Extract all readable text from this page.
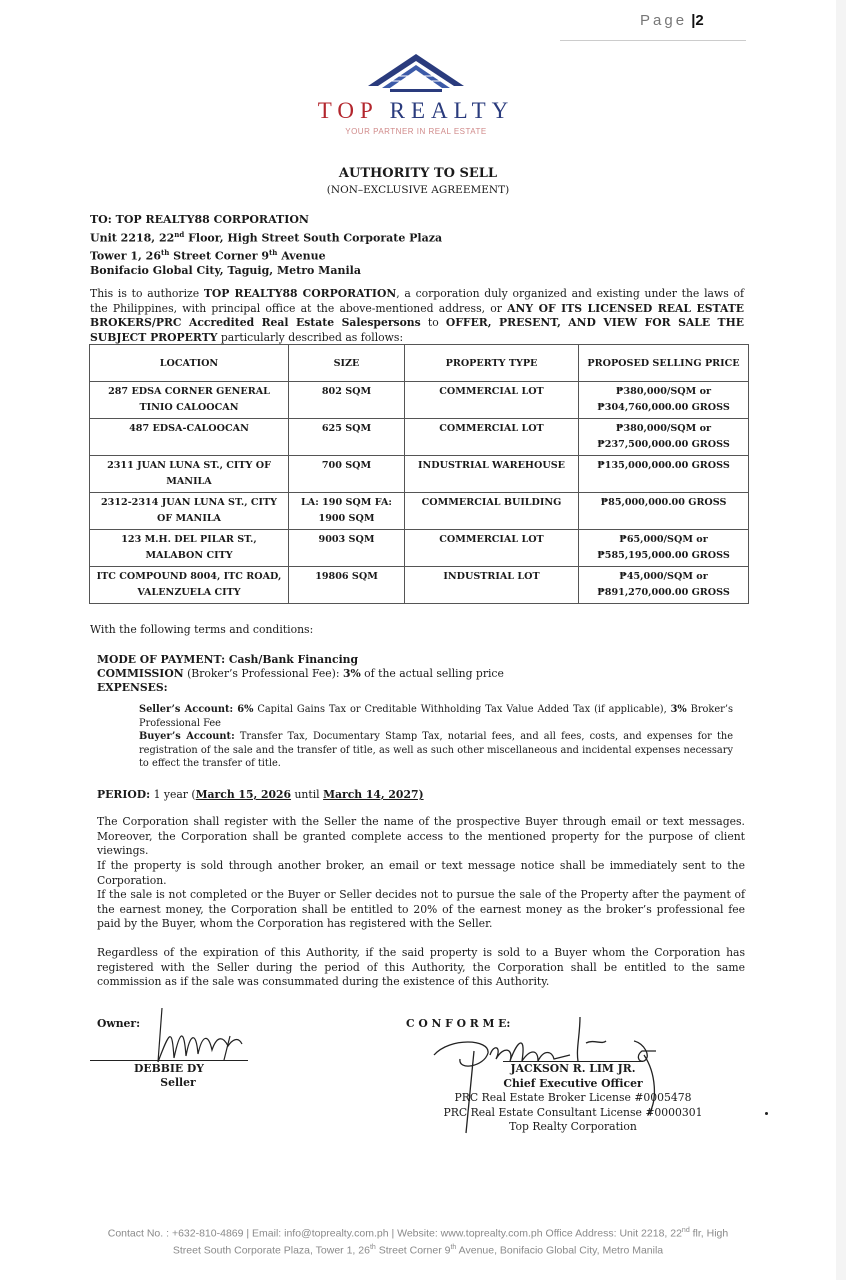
Page |2
TOP REALTY
YOUR PARTNER IN REAL ESTATE
AUTHORITY TO SELL
(NON–EXCLUSIVE AGREEMENT)
TO: TOP REALTY88 CORPORATION
Unit 2218, 22nd Floor, High Street South Corporate Plaza
Tower 1, 26th Street Corner 9th Avenue
Bonifacio Global City, Taguig, Metro Manila
This is to authorize TOP REALTY88 CORPORATION, a corporation duly organized and existing under the laws of the Philippines, with principal office at the above-mentioned address, or ANY OF ITS LICENSED REAL ESTATE BROKERS/PRC Accredited Real Estate Salespersons to OFFER, PRESENT, AND VIEW FOR SALE THE SUBJECT PROPERTY particularly described as follows:
LOCATION	SIZE	PROPERTY TYPE	PROPOSED SELLING PRICE
287 EDSA CORNER GENERAL TINIO CALOOCAN	802 SQM	COMMERCIAL LOT	₱380,000/SQM or ₱304,760,000.00 GROSS
487 EDSA-CALOOCAN	625 SQM	COMMERCIAL LOT	₱380,000/SQM or ₱237,500,000.00 GROSS
2311 JUAN LUNA ST., CITY OF MANILA	700 SQM	INDUSTRIAL WAREHOUSE	₱135,000,000.00 GROSS
2312-2314 JUAN LUNA ST., CITY OF MANILA	LA: 190 SQM FA: 1900 SQM	COMMERCIAL BUILDING	₱85,000,000.00 GROSS
123 M.H. DEL PILAR ST., MALABON CITY	9003 SQM	COMMERCIAL LOT	₱65,000/SQM or ₱585,195,000.00 GROSS
ITC COMPOUND 8004, ITC ROAD, VALENZUELA CITY	19806 SQM	INDUSTRIAL LOT	₱45,000/SQM or ₱891,270,000.00 GROSS
With the following terms and conditions:
MODE OF PAYMENT: Cash/Bank Financing
COMMISSION (Broker’s Professional Fee): 3% of the actual selling price
EXPENSES:
Seller’s Account: 6% Capital Gains Tax or Creditable Withholding Tax Value Added Tax (if applicable), 3% Broker’s Professional Fee
Buyer’s Account: Transfer Tax, Documentary Stamp Tax, notarial fees, and all fees, costs, and expenses for the registration of the sale and the transfer of title, as well as such other miscellaneous and incidental expenses necessary to effect the transfer of title.
PERIOD: 1 year (March 15, 2026 until March 14, 2027)
The Corporation shall register with the Seller the name of the prospective Buyer through email or text messages. Moreover, the Corporation shall be granted complete access to the mentioned property for the purpose of client viewings.
If the property is sold through another broker, an email or text message notice shall be immediately sent to the Corporation.
If the sale is not completed or the Buyer or Seller decides not to pursue the sale of the Property after the payment of the earnest money, the Corporation shall be entitled to 20% of the earnest money as the broker’s professional fee paid by the Buyer, whom the Corporation has registered with the Seller.
Regardless of the expiration of this Authority, if the said property is sold to a Buyer whom the Corporation has registered with the Seller during the period of this Authority, the Corporation shall be entitled to the same commission as if the sale was consummated during the existence of this Authority.
Owner:
DEBBIE DY
Seller
C O N F O R M E:
JACKSON R. LIM JR.
Chief Executive Officer
PRC Real Estate Broker License #0005478
PRC Real Estate Consultant License #0000301
Top Realty Corporation
Contact No. : +632-810-4869 | Email: info@toprealty.com.ph | Website: www.toprealty.com.ph Office Address: Unit 2218, 22nd flr, High
Street South Corporate Plaza, Tower 1, 26th Street Corner 9th Avenue, Bonifacio Global City, Metro Manila
